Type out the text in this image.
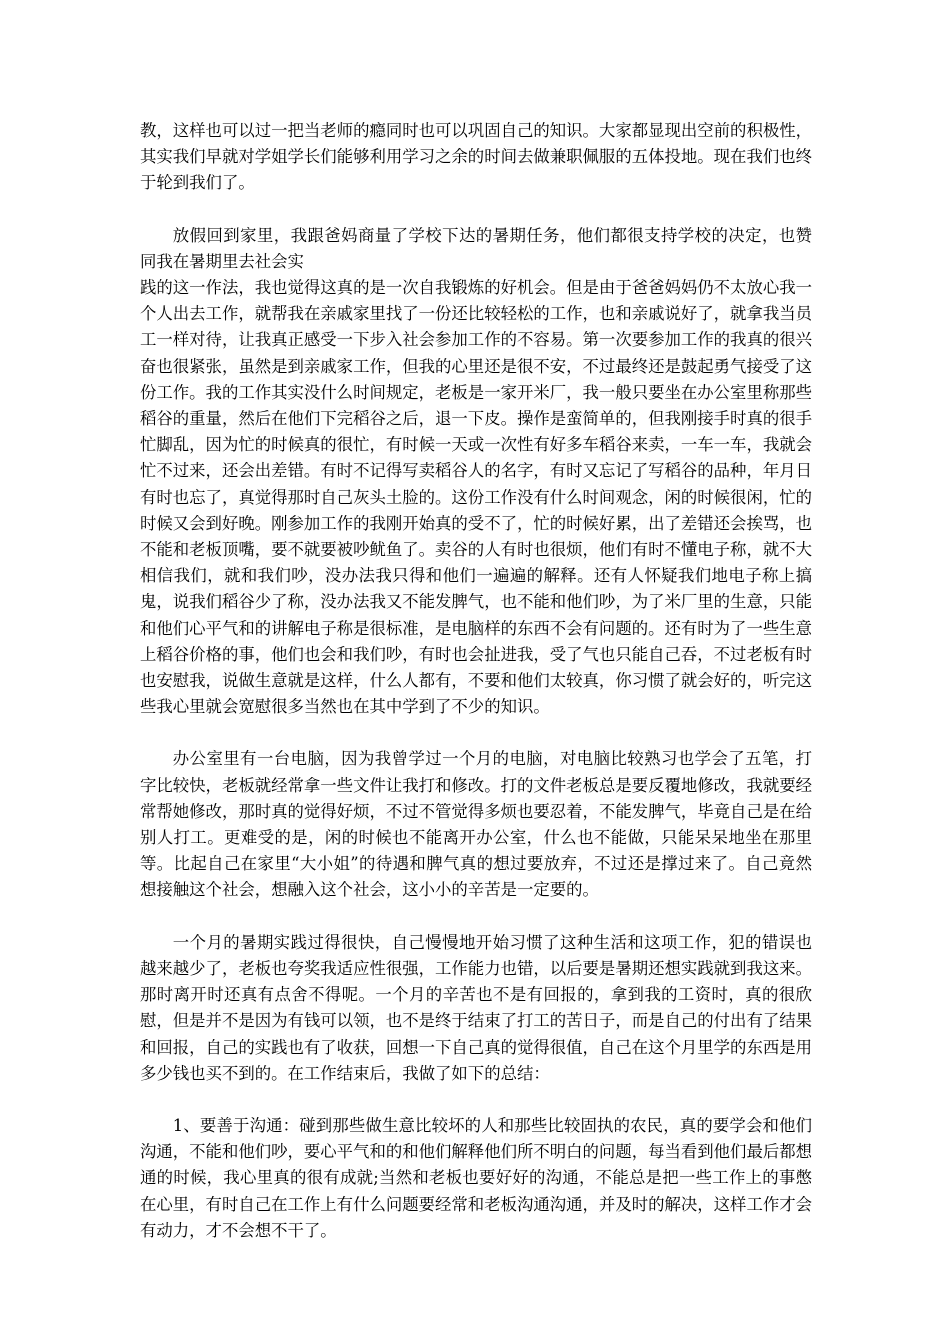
教，这样也可以过一把当老师的瘾同时也可以巩固自己的知识。大家都显现出空前的积极性，其实我们早就对学姐学长们能够利用学习之余的时间去做兼职佩服的五体投地。现在我们也终于轮到我们了。

放假回到家里，我跟爸妈商量了学校下达的暑期任务，他们都很支持学校的决定，也赞同我在暑期里去社会实

践的这一作法，我也觉得这真的是一次自我锻炼的好机会。但是由于爸爸妈妈仍不太放心我一个人出去工作，就帮我在亲戚家里找了一份还比较轻松的工作，也和亲戚说好了，就拿我当员工一样对待，让我真正感受一下步入社会参加工作的不容易。第一次要参加工作的我真的很兴奋也很紧张，虽然是到亲戚家工作，但我的心里还是很不安，不过最终还是鼓起勇气接受了这份工作。我的工作其实没什么时间规定，老板是一家开米厂，我一般只要坐在办公室里称那些稻谷的重量，然后在他们下完稻谷之后，退一下皮。操作是蛮简单的，但我刚接手时真的很手忙脚乱，因为忙的时候真的很忙，有时候一天或一次性有好多车稻谷来卖，一车一车，我就会忙不过来，还会出差错。有时不记得写卖稻谷人的名字，有时又忘记了写稻谷的品种，年月日有时也忘了，真觉得那时自己灰头土脸的。这份工作没有什么时间观念，闲的时候很闲，忙的时候又会到好晚。刚参加工作的我刚开始真的受不了，忙的时候好累，出了差错还会挨骂，也不能和老板顶嘴，要不就要被吵鱿鱼了。卖谷的人有时也很烦，他们有时不懂电子称，就不大相信我们，就和我们吵，没办法我只得和他们一遍遍的解释。还有人怀疑我们地电子称上搞鬼，说我们稻谷少了称，没办法我又不能发脾气，也不能和他们吵，为了米厂里的生意，只能和他们心平气和的讲解电子称是很标准，是电脑样的东西不会有问题的。还有时为了一些生意上稻谷价格的事，他们也会和我们吵，有时也会扯进我，受了气也只能自己吞，不过老板有时也安慰我，说做生意就是这样，什么人都有，不要和他们太较真，你习惯了就会好的，听完这些我心里就会宽慰很多当然也在其中学到了不少的知识。

办公室里有一台电脑，因为我曾学过一个月的电脑，对电脑比较熟习也学会了五笔，打字比较快，老板就经常拿一些文件让我打和修改。打的文件老板总是要反覆地修改，我就要经常帮她修改，那时真的觉得好烦，不过不管觉得多烦也要忍着，不能发脾气，毕竟自己是在给别人打工。更难受的是，闲的时候也不能离开办公室，什么也不能做，只能呆呆地坐在那里等。比起自己在家里“大小姐”的待遇和脾气真的想过要放弃，不过还是撑过来了。自己竟然想接触这个社会，想融入这个社会，这小小的辛苦是一定要的。

一个月的暑期实践过得很快，自己慢慢地开始习惯了这种生活和这项工作，犯的错误也越来越少了，老板也夸奖我适应性很强，工作能力也错，以后要是暑期还想实践就到我这来。那时离开时还真有点舍不得呢。一个月的辛苦也不是有回报的，拿到我的工资时，真的很欣慰，但是并不是因为有钱可以领，也不是终于结束了打工的苦日子，而是自己的付出有了结果和回报，自己的实践也有了收获，回想一下自己真的觉得很值，自己在这个月里学的东西是用多少钱也买不到的。在工作结束后，我做了如下的总结：

1、要善于沟通：碰到那些做生意比较坏的人和那些比较固执的农民，真的要学会和他们沟通，不能和他们吵，要心平气和的和他们解释他们所不明白的问题，每当看到他们最后都想通的时候，我心里真的很有成就;当然和老板也要好好的沟通，不能总是把一些工作上的事憋在心里，有时自己在工作上有什么问题要经常和老板沟通沟通，并及时的解决，这样工作才会有动力，才不会想不干了。
